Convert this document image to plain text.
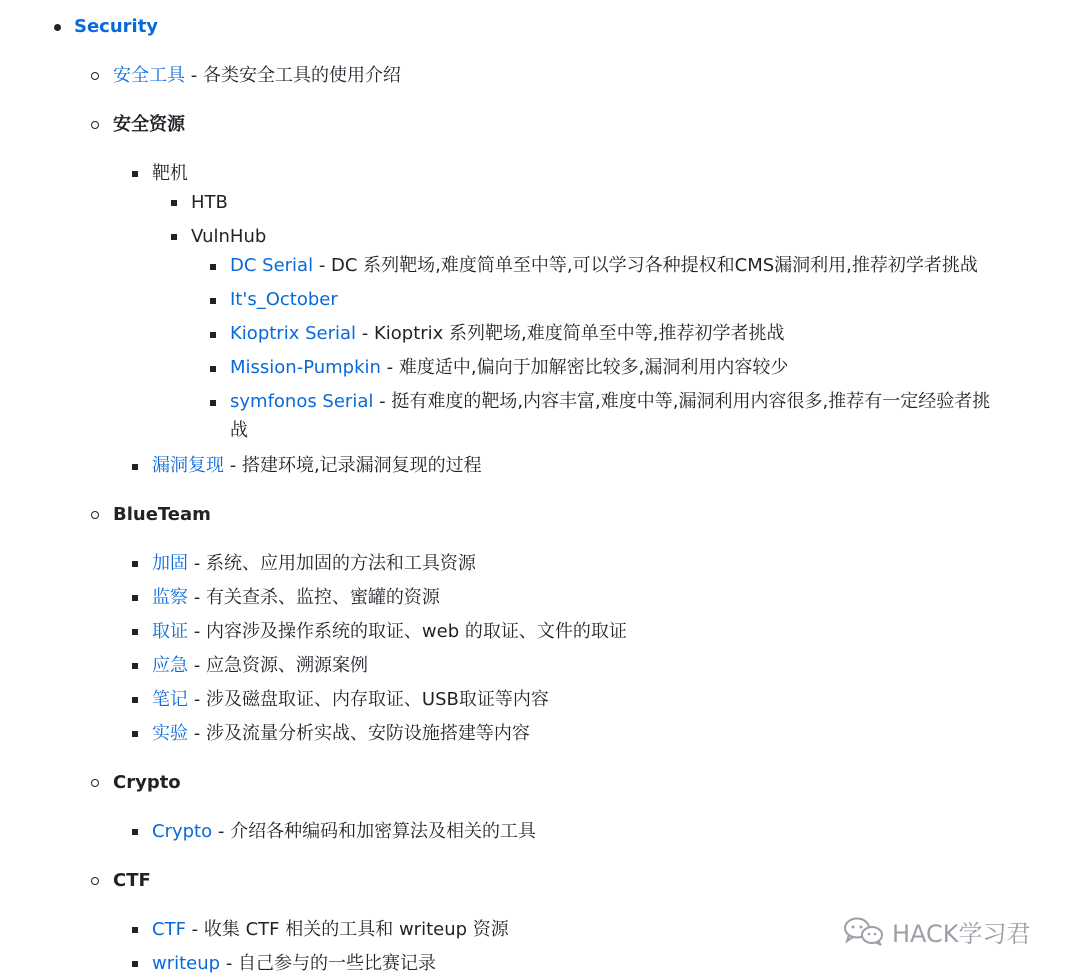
Security
安全工具 - 各类安全工具的使用介绍
安全资源
靶机
HTB
VulnHub
DC Serial - DC 系列靶场,难度简单至中等,可以学习各种提权和CMS漏洞利用,推荐初学者挑战
It's_October
Kioptrix Serial - Kioptrix 系列靶场,难度简单至中等,推荐初学者挑战
Mission-Pumpkin - 难度适中,偏向于加解密比较多,漏洞利用内容较少
symfonos Serial - 挺有难度的靶场,内容丰富,难度中等,漏洞利用内容很多,推荐有一定经验者挑
战
漏洞复现 - 搭建环境,记录漏洞复现的过程
BlueTeam
加固 - 系统、应用加固的方法和工具资源
监察 - 有关查杀、监控、蜜罐的资源
取证 - 内容涉及操作系统的取证、web 的取证、文件的取证
应急 - 应急资源、溯源案例
笔记 - 涉及磁盘取证、内存取证、USB取证等内容
实验 - 涉及流量分析实战、安防设施搭建等内容
Crypto
Crypto - 介绍各种编码和加密算法及相关的工具
CTF
CTF - 收集 CTF 相关的工具和 writeup 资源
writeup - 自己参与的一些比赛记录
HACK学习君
